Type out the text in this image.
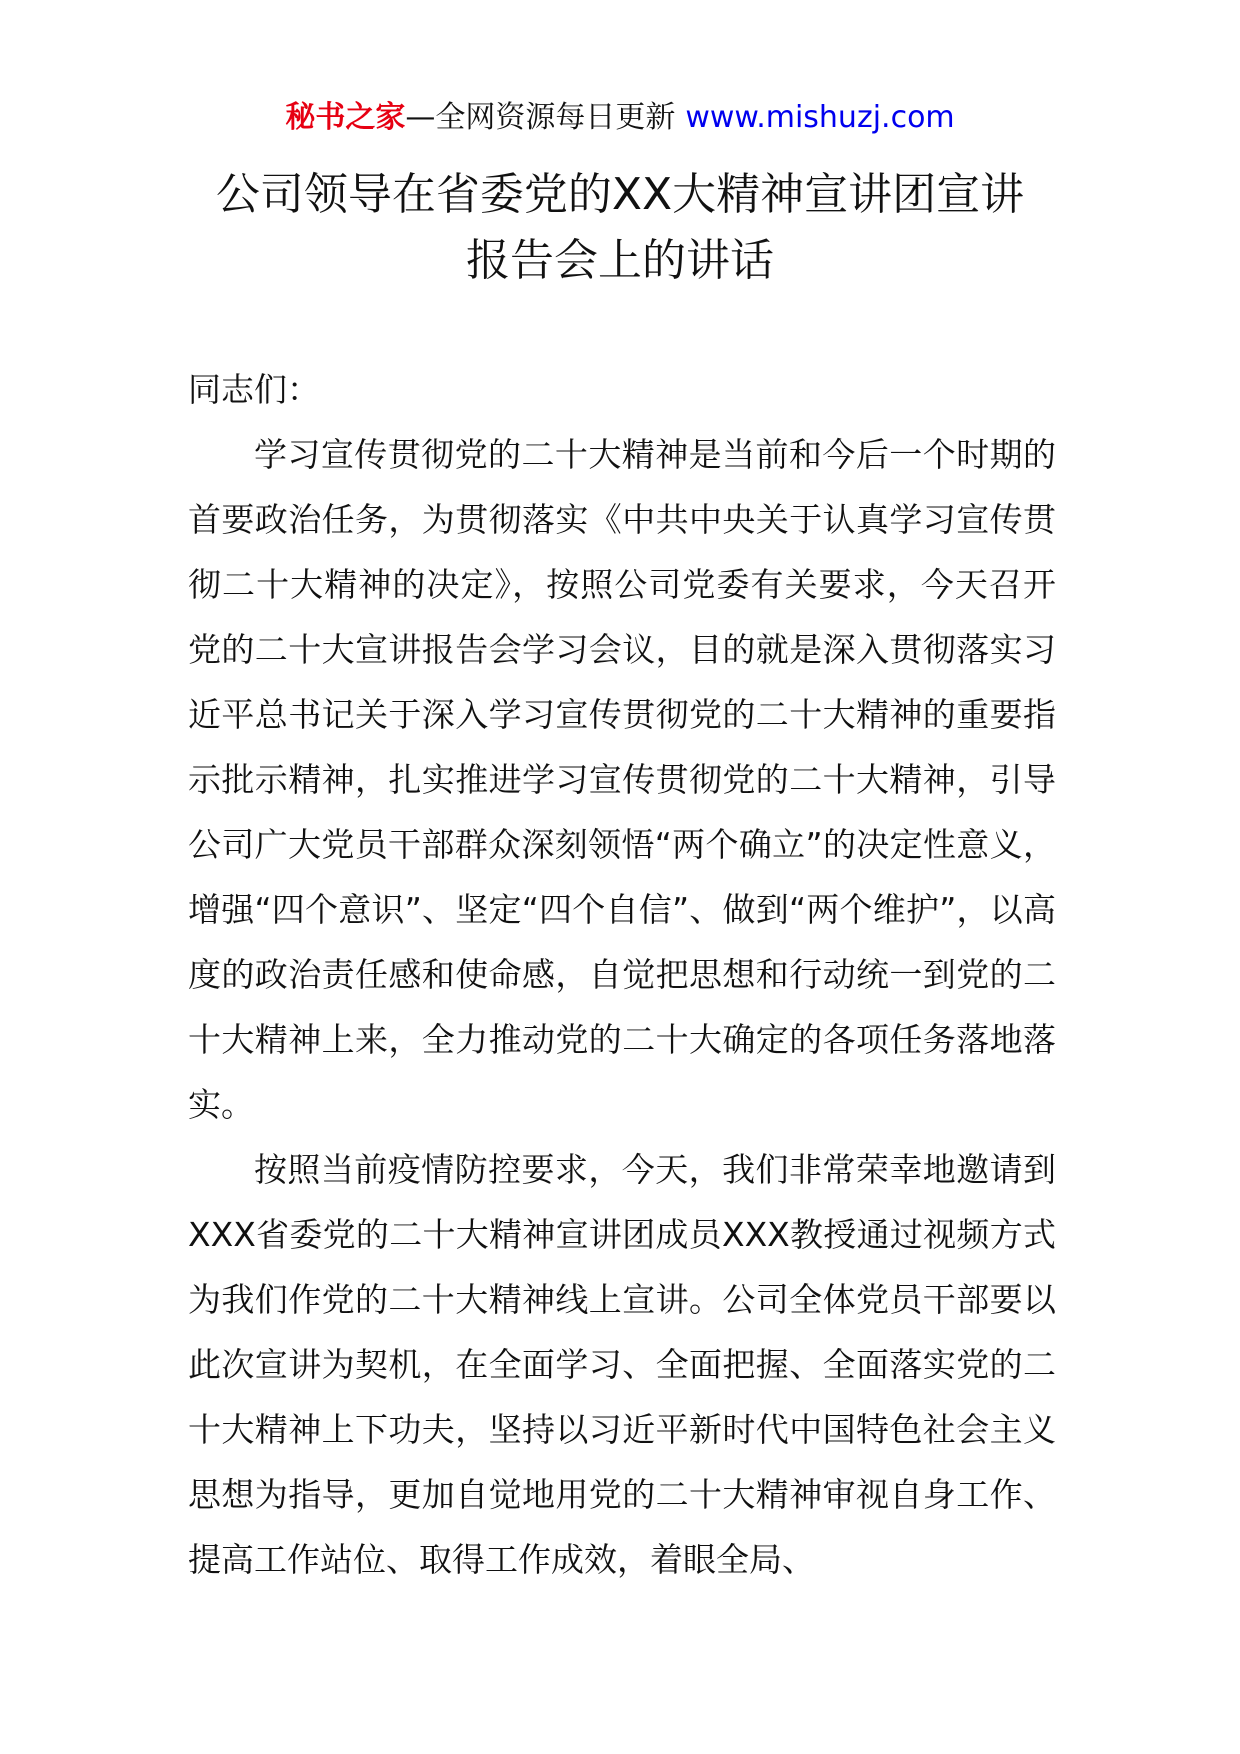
秘书之家—全网资源每日更新 www.mishuzj.com
公司领导在省委党的XX大精神宣讲团宣讲
报告会上的讲话

同志们：

学习宣传贯彻党的二十大精神是当前和今后一个时期的首要政治任务，为贯彻落实《中共中央关于认真学习宣传贯彻二十大精神的决定》，按照公司党委有关要求，今天召开党的二十大宣讲报告会学习会议，目的就是深入贯彻落实习近平总书记关于深入学习宣传贯彻党的二十大精神的重要指示批示精神，扎实推进学习宣传贯彻党的二十大精神，引导公司广大党员干部群众深刻领悟“两个确立”的决定性意义，增强“四个意识”、坚定“四个自信”、做到“两个维护”，以高度的政治责任感和使命感，自觉把思想和行动统一到党的二十大精神上来，全力推动党的二十大确定的各项任务落地落实。

按照当前疫情防控要求，今天，我们非常荣幸地邀请到XXX省委党的二十大精神宣讲团成员XXX教授通过视频方式为我们作党的二十大精神线上宣讲。公司全体党员干部要以此次宣讲为契机，在全面学习、全面把握、全面落实党的二十大精神上下功夫，坚持以习近平新时代中国特色社会主义思想为指导，更加自觉地用党的二十大精神审视自身工作、提高工作站位、取得工作成效，着眼全局、
